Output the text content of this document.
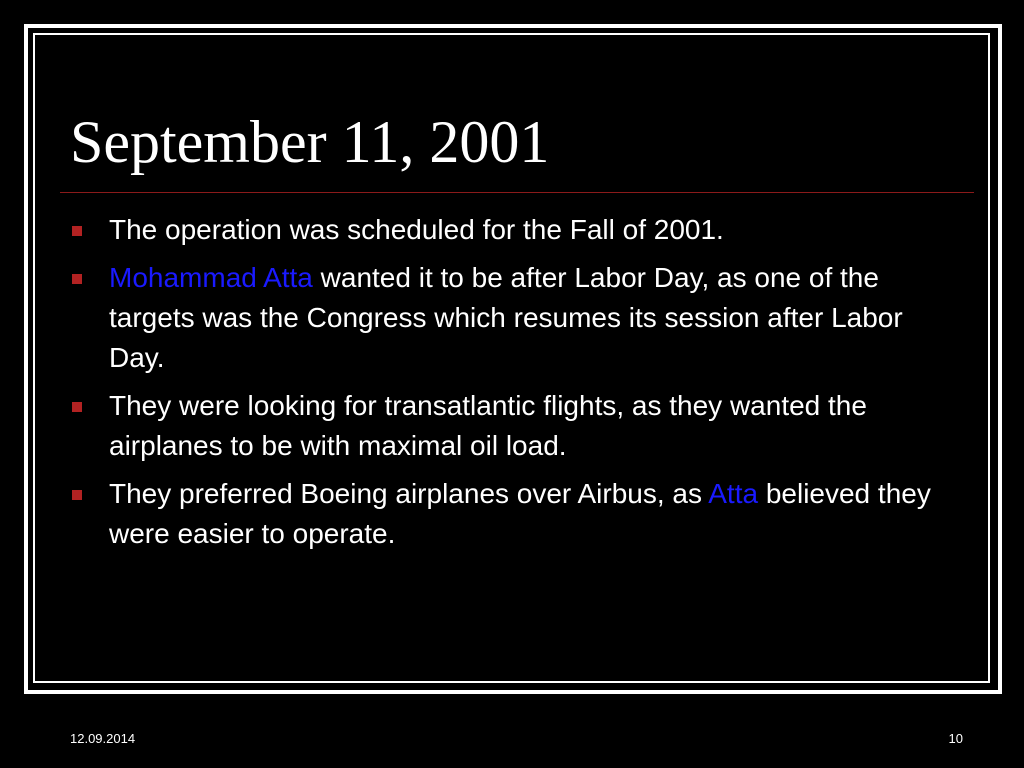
September 11, 2001
The operation was scheduled for the Fall of 2001.
Mohammad Atta wanted it to be after Labor Day, as one of the targets was the Congress which resumes its session after Labor Day.
They were looking for transatlantic flights, as they wanted the airplanes to be with maximal oil load.
They preferred Boeing airplanes over Airbus, as Atta believed they were easier to operate.
12.09.2014	10
